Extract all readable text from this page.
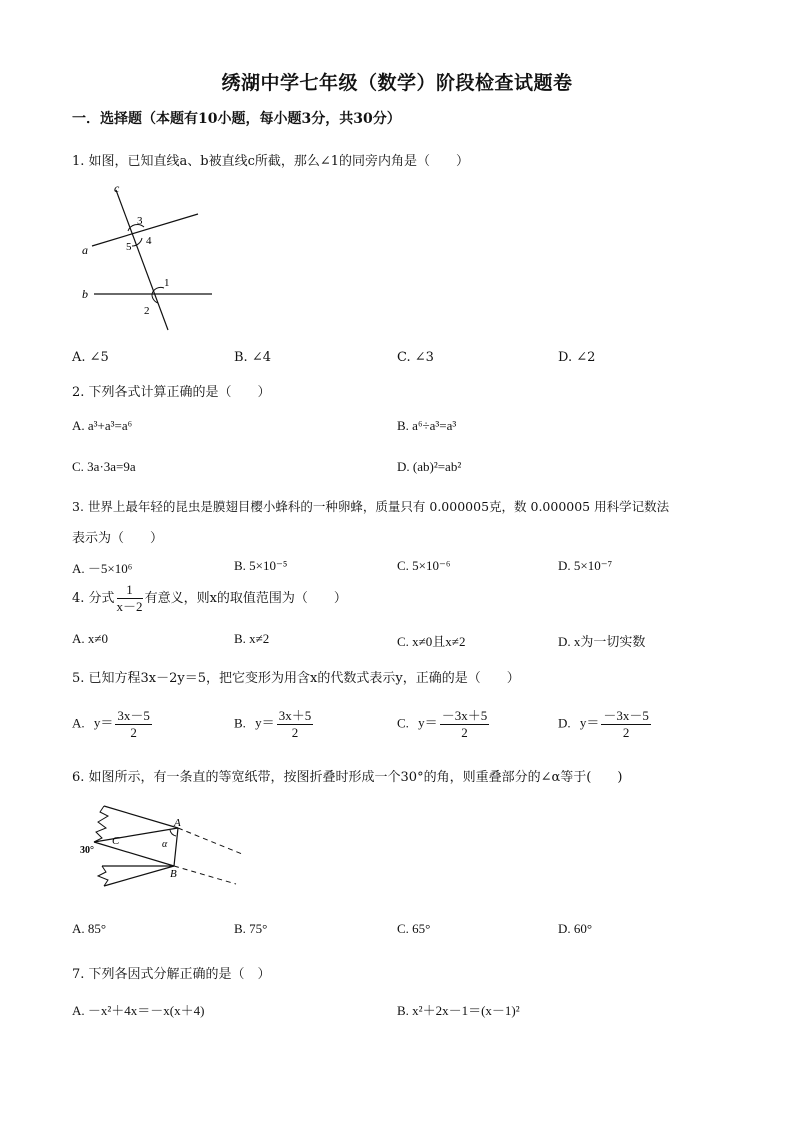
绣湖中学七年级（数学）阶段检查试题卷
一．选择题（本题有10小题，每小题3分，共30分）
1. 如图，已知直线a、b被直线c所截，那么∠1的同旁内角是（　　）
c
a
b
3
4
5
1
2
A. ∠5	B. ∠4	C. ∠3	D. ∠2
2. 下列各式计算正确的是（　　）
A. a³+a³=a⁶	B. a⁶÷a³=a³
C. 3a·3a=9a	D. (ab)²=ab²
3. 世界上最年轻的昆虫是膜翅目樱小蜂科的一种卵蜂，质量只有 0.000005克，数 0.000005 用科学记数法
表示为（　　）
A. －5×10⁶	B. 5×10⁻⁵	C. 5×10⁻⁶	D. 5×10⁻⁷
4. 分式 $\frac{1}{x-2}$ 有意义，则x的取值范围为（　　）
A. x≠0	B. x≠2	C. x≠0且x≠2	D. x为一切实数
5. 已知方程3x－2y＝5，把它变形为用含x的代数式表示y，正确的是（　　）
A. $y= \frac{3x-5}{2}$	B. $y= \frac{3x+5}{2}$	C. $y= \frac{-3x+5}{2}$	D. $y= \frac{-3x-5}{2}$
6. 如图所示，有一条直的等宽纸带，按图折叠时形成一个30°的角，则重叠部分的∠α等于(　　)
A
B
C	α
30°
A. 85°	B. 75°	C. 65°	D. 60°
7. 下列各因式分解正确的是（　）
A. －x²＋4x＝－x(x＋4)	B. x²＋2x－1＝(x－1)²
